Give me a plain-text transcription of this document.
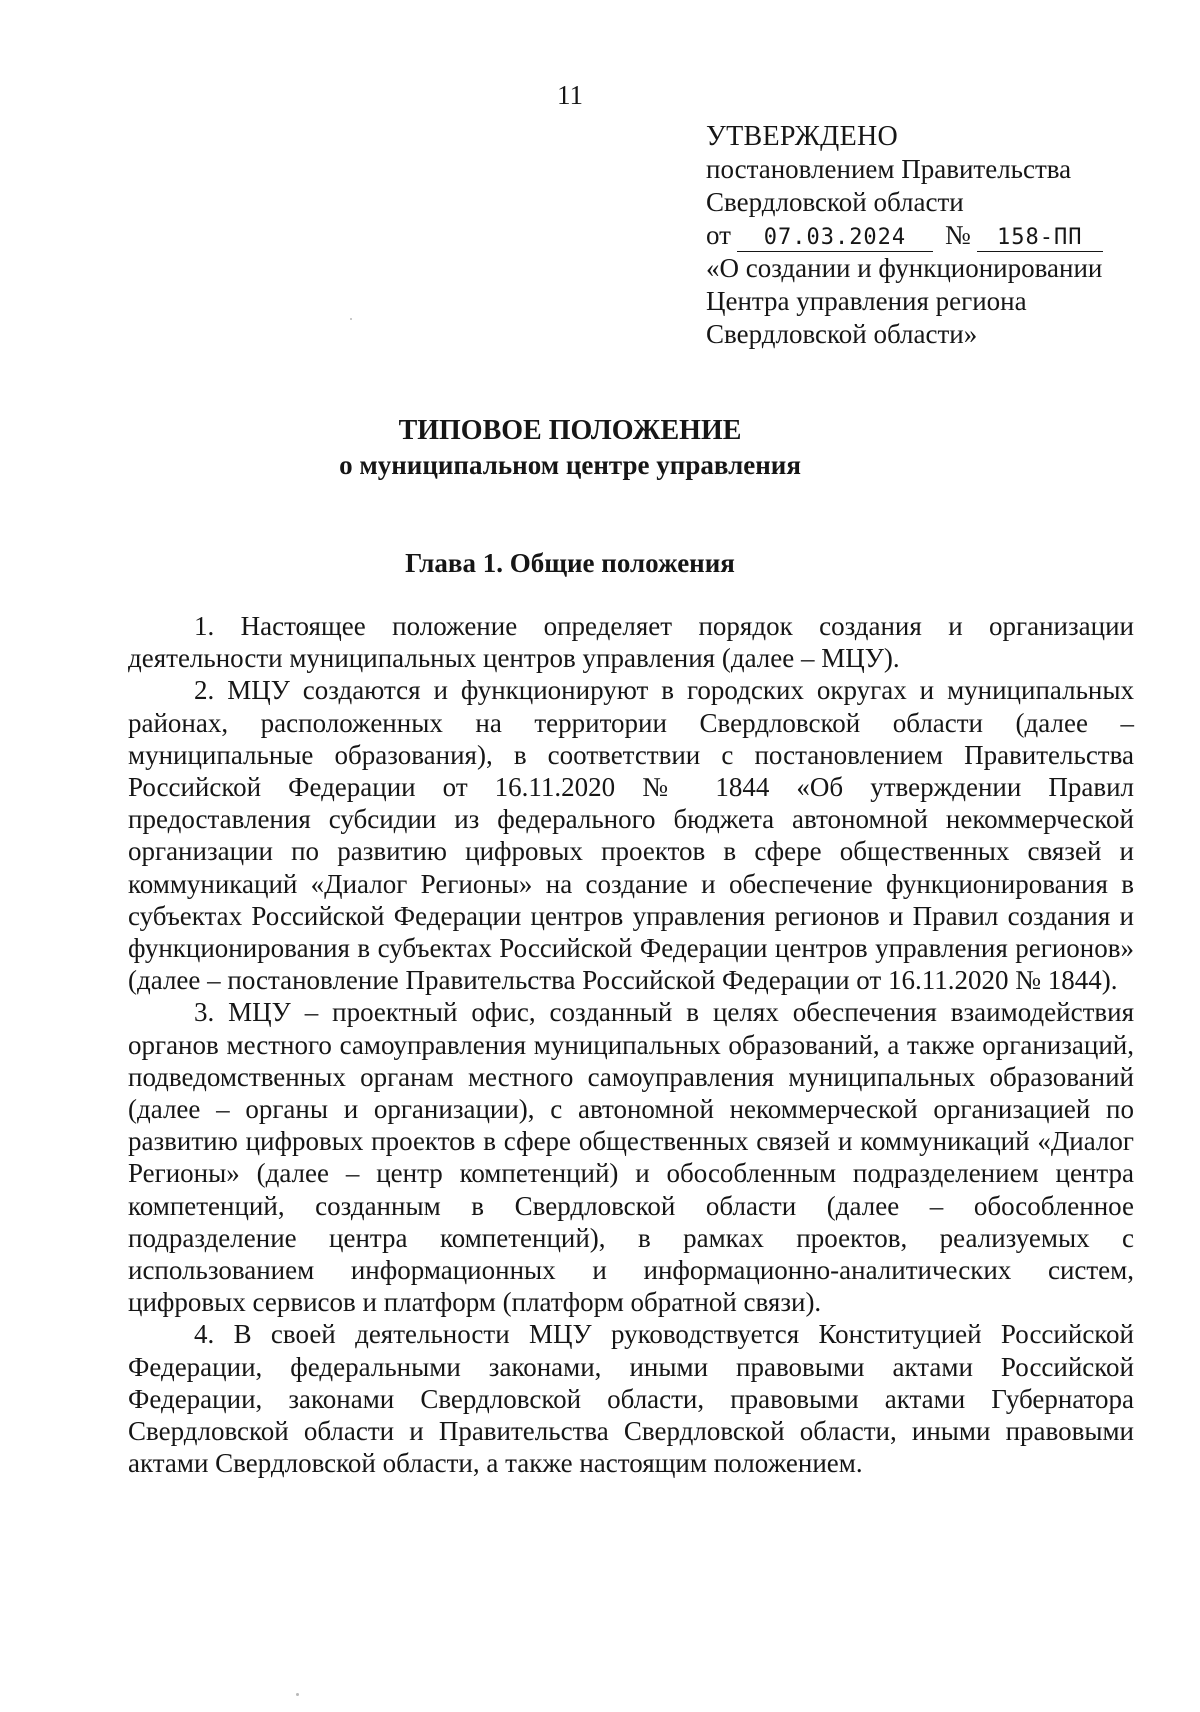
11
УТВЕРЖДЕНО
постановлением Правительства
Свердловской области
от 07.03.2024 № 158-ПП
«О создании и функционировании
Центра управления региона
Свердловской области»
ТИПОВОЕ ПОЛОЖЕНИЕ
о муниципальном центре управления
Глава 1. Общие положения

1. Настоящее положение определяет порядок создания и организации деятельности муниципальных центров управления (далее – МЦУ).

2. МЦУ создаются и функционируют в городских округах и муниципальных районах, расположенных на территории Свердловской области (далее – муниципальные образования), в соответствии с постановлением Правительства Российской Федерации от 16.11.2020 № 1844 «Об утверждении Правил предоставления субсидии из федерального бюджета автономной некоммерческой организации по развитию цифровых проектов в сфере общественных связей и коммуникаций «Диалог Регионы» на создание и обеспечение функционирования в субъектах Российской Федерации центров управления регионов и Правил создания и функционирования в субъектах Российской Федерации центров управления регионов» (далее – постановление Правительства Российской Федерации от 16.11.2020 № 1844).

3. МЦУ – проектный офис, созданный в целях обеспечения взаимодействия органов местного самоуправления муниципальных образований, а также организаций, подведомственных органам местного самоуправления муниципальных образований (далее – органы и организации), с автономной некоммерческой организацией по развитию цифровых проектов в сфере общественных связей и коммуникаций «Диалог Регионы» (далее – центр компетенций) и обособленным подразделением центра компетенций, созданным в Свердловской области (далее – обособленное подразделение центра компетенций), в рамках проектов, реализуемых с использованием информационных и информационно-аналитических систем, цифровых сервисов и платформ (платформ обратной связи).

4. В своей деятельности МЦУ руководствуется Конституцией Российской Федерации, федеральными законами, иными правовыми актами Российской Федерации, законами Свердловской области, правовыми актами Губернатора Свердловской области и Правительства Свердловской области, иными правовыми актами Свердловской области, а также настоящим положением.
